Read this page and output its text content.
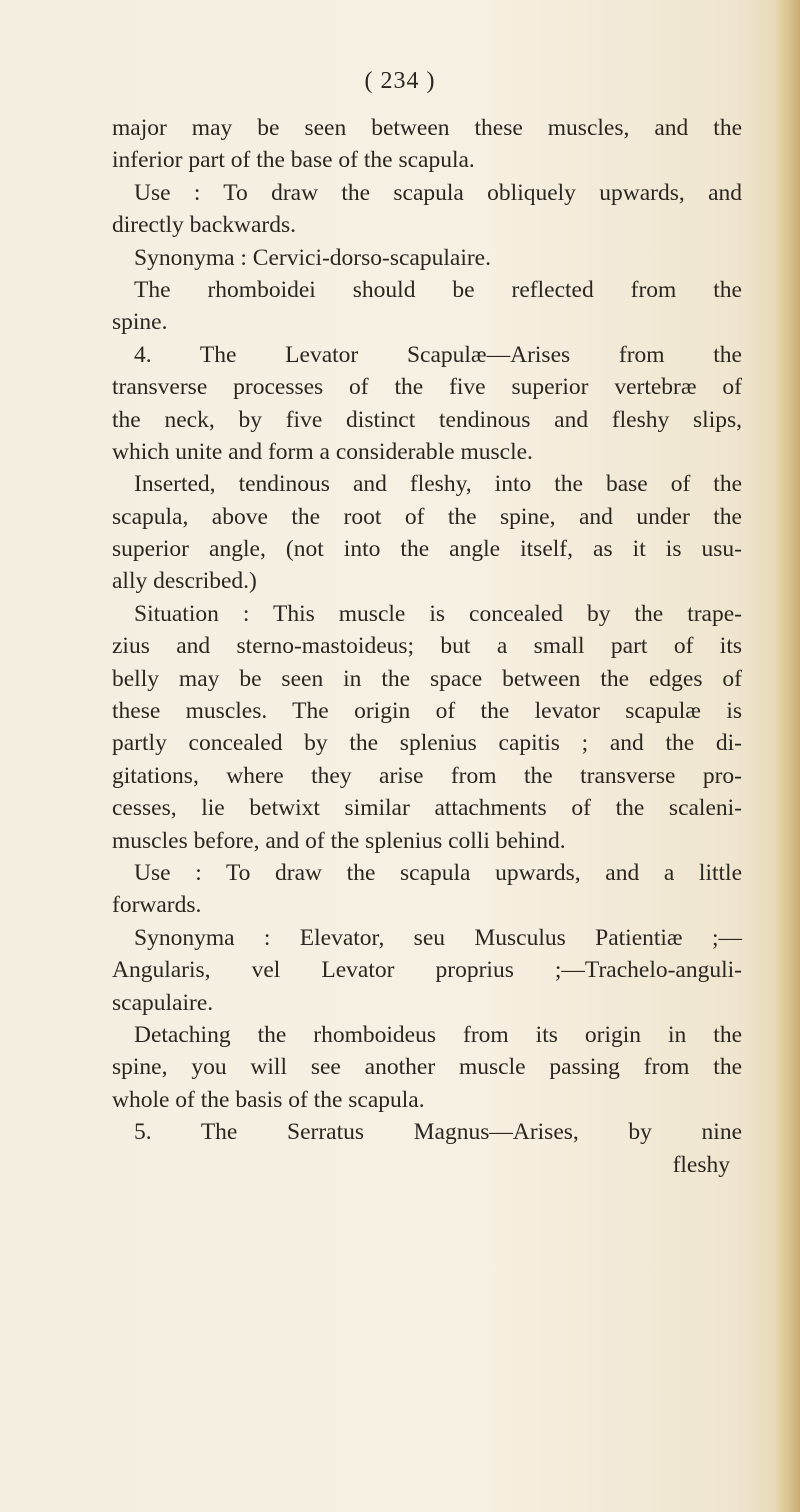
( 234 )
major may be seen between these muscles, and the
inferior part of the base of the scapula.
Use : To draw the scapula obliquely upwards, and
directly backwards.
Synonyma : Cervici-dorso-scapulaire.
The rhomboidei should be reflected from the
spine.
4. The Levator Scapulæ—Arises from the
transverse processes of the five superior vertebræ of
the neck, by five distinct tendinous and fleshy slips,
which unite and form a considerable muscle.
Inserted, tendinous and fleshy, into the base of the
scapula, above the root of the spine, and under the
superior angle, (not into the angle itself, as it is usu-
ally described.)
Situation : This muscle is concealed by the trape-
zius and sterno-mastoideus; but a small part of its
belly may be seen in the space between the edges of
these muscles. The origin of the levator scapulæ is
partly concealed by the splenius capitis ; and the di-
gitations, where they arise from the transverse pro-
cesses, lie betwixt similar attachments of the scaleni-
muscles before, and of the splenius colli behind.
Use : To draw the scapula upwards, and a little
forwards.
Synonyma : Elevator, seu Musculus Patientiæ ;—
Angularis, vel Levator proprius ;—Trachelo-anguli-
scapulaire.
Detaching the rhomboideus from its origin in the
spine, you will see another muscle passing from the
whole of the basis of the scapula.
5. The Serratus Magnus—Arises, by nine
fleshy
